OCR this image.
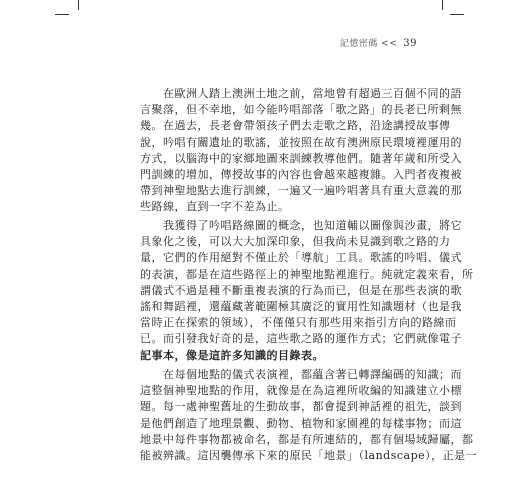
記憶密碼 << 39
　　在歐洲人踏上澳洲土地之前，當地曾有超過三百個不同的語
言聚落，但不幸地，如今能吟唱部落「歌之路」的長老已所剩無
幾。在過去，長老會帶領孩子們去走歌之路，沿途講授故事傳
說，吟唱有關遺址的歌謠，並按照在故有澳洲原民環境裡運用的
方式，以腦海中的家鄉地圖來訓練教導他們。隨著年歲和所受入
門訓練的增加，傳授故事的內容也會越來越複雜。入門者夜複被
帶到神聖地點去進行訓練，一遍又一遍吟唱著具有重大意義的那
些路線，直到一字不差為止。
　　我獲得了吟唱路線圖的概念，也知道輔以圖像與沙畫，將它
具象化之後，可以大大加深印象，但我尚未見識到歌之路的力
量，它們的作用絕對不僅止於「導航」工具。歌謠的吟唱、儀式
的表演，都是在這些路徑上的神聖地點裡進行。純就定義來看，所
謂儀式不過是種不斷重複表演的行為而已，但是在那些表演的歌
謠和舞蹈裡，還蘊藏著範圍極其廣泛的實用性知識題材（也是我
當時正在探索的領域），不僅僅只有那些用來指引方向的路線而
已。而引發我好奇的是，這些歌之路的運作方式；它們就像電子
記事本，像是這許多知識的目錄表。
　　在每個地點的儀式表演裡，都蘊含著已轉譯編碼的知識；而
這整個神聖地點的作用，就像是在為這裡所收編的知識建立小標
題。每一處神聖舊址的生動故事，都會提到神話裡的祖先，談到
是他們創造了地理景觀、動物、植物和家園裡的每樣事物；而這
地景中每件事物都被命名，都是有所連結的，都有個場域歸屬，都
能被辨識。這因襲傳承下來的原民「地景」（landscape），正是一
